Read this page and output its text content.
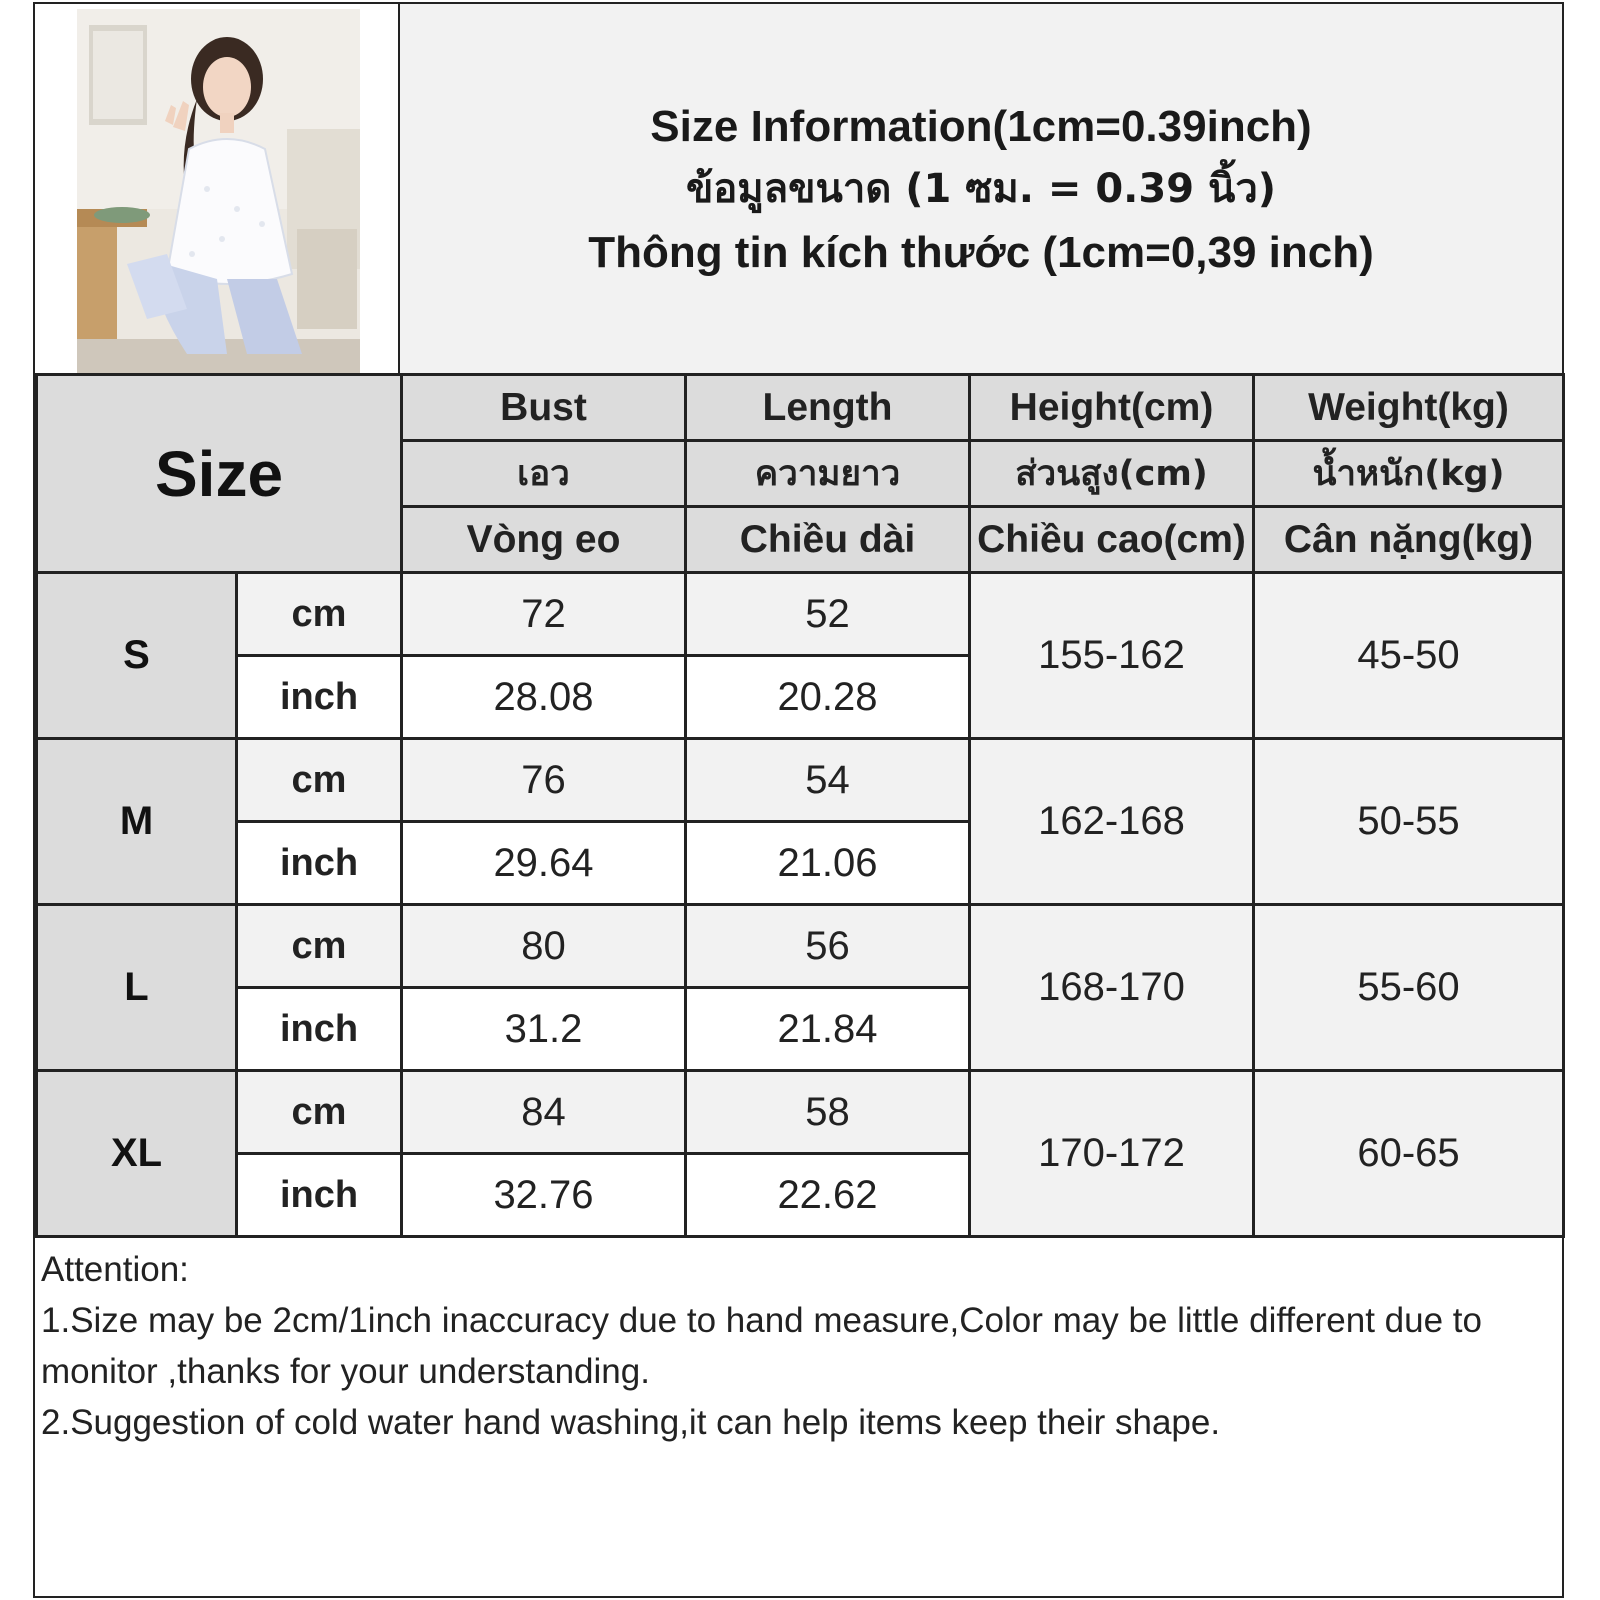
Size Information(1cm=0.39inch)
ข้อมูลขนาด (1 ซม. = 0.39 นิ้ว)
Thông tin kích thước (1cm=0,39 inch)
Size		Bust	Length	Height(cm)	Weight(kg)
		เอว	ความยาว	ส่วนสูง(cm)	น้ำหนัก(kg)
		Vòng eo	Chiều dài	Chiều cao(cm)	Cân nặng(kg)
S	cm	72	52	155-162	45-50
	inch	28.08	20.28		
M	cm	76	54	162-168	50-55
	inch	29.64	21.06		
L	cm	80	56	168-170	55-60
	inch	31.2	21.84		
XL	cm	84	58	170-172	60-65
	inch	32.76	22.62		

Attention:

1.Size may be 2cm/1inch inaccuracy due to hand measure,Color may be little different due to monitor ,thanks for your understanding.

2.Suggestion of cold water hand washing,it can help items keep their shape.
